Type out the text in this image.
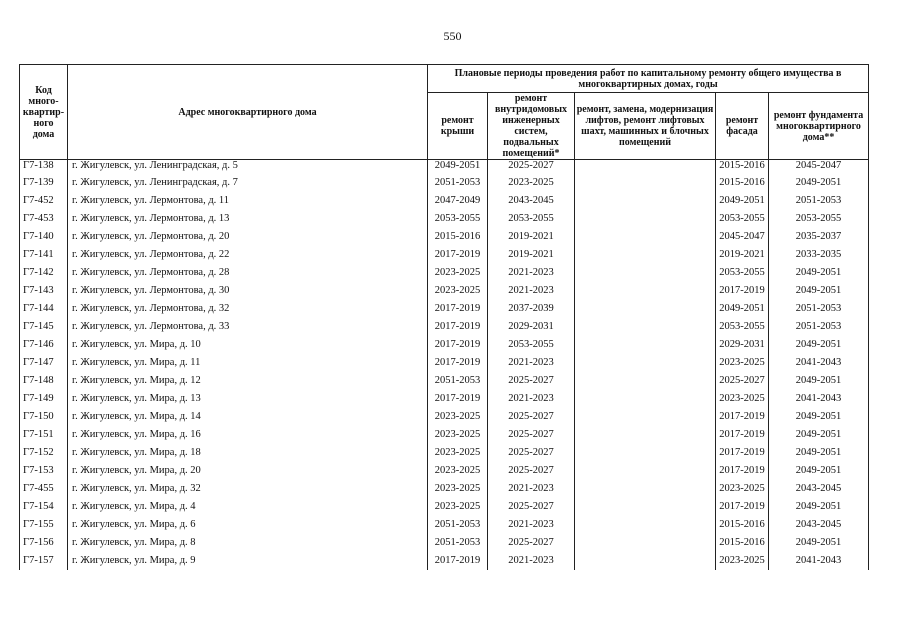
550
Код
много-
квартир-
ного
дома	Адрес многоквартирного дома	Плановые периоды проведения работ по капитальному ремонту общего имущества в многоквартирных домах, годы				
		ремонт крыши	ремонт внутридомовых инженерных систем, подвальных помещений*	ремонт, замена, модернизация лифтов, ремонт лифтовых шахт, машинных и блочных помещений	ремонт фасада	ремонт фундамента многоквартирного дома**
Г7-138	г. Жигулевск, ул. Ленинградская, д. 5	2049-2051	2025-2027		2015-2016	2045-2047
Г7-139	г. Жигулевск, ул. Ленинградская, д. 7	2051-2053	2023-2025		2015-2016	2049-2051
Г7-452	г. Жигулевск, ул. Лермонтова, д. 11	2047-2049	2043-2045		2049-2051	2051-2053
Г7-453	г. Жигулевск, ул. Лермонтова, д. 13	2053-2055	2053-2055		2053-2055	2053-2055
Г7-140	г. Жигулевск, ул. Лермонтова, д. 20	2015-2016	2019-2021		2045-2047	2035-2037
Г7-141	г. Жигулевск, ул. Лермонтова, д. 22	2017-2019	2019-2021		2019-2021	2033-2035
Г7-142	г. Жигулевск, ул. Лермонтова, д. 28	2023-2025	2021-2023		2053-2055	2049-2051
Г7-143	г. Жигулевск, ул. Лермонтова, д. 30	2023-2025	2021-2023		2017-2019	2049-2051
Г7-144	г. Жигулевск, ул. Лермонтова, д. 32	2017-2019	2037-2039		2049-2051	2051-2053
Г7-145	г. Жигулевск, ул. Лермонтова, д. 33	2017-2019	2029-2031		2053-2055	2051-2053
Г7-146	г. Жигулевск, ул. Мира, д. 10	2017-2019	2053-2055		2029-2031	2049-2051
Г7-147	г. Жигулевск, ул. Мира, д. 11	2017-2019	2021-2023		2023-2025	2041-2043
Г7-148	г. Жигулевск, ул. Мира, д. 12	2051-2053	2025-2027		2025-2027	2049-2051
Г7-149	г. Жигулевск, ул. Мира, д. 13	2017-2019	2021-2023		2023-2025	2041-2043
Г7-150	г. Жигулевск, ул. Мира, д. 14	2023-2025	2025-2027		2017-2019	2049-2051
Г7-151	г. Жигулевск, ул. Мира, д. 16	2023-2025	2025-2027		2017-2019	2049-2051
Г7-152	г. Жигулевск, ул. Мира, д. 18	2023-2025	2025-2027		2017-2019	2049-2051
Г7-153	г. Жигулевск, ул. Мира, д. 20	2023-2025	2025-2027		2017-2019	2049-2051
Г7-455	г. Жигулевск, ул. Мира, д. 32	2023-2025	2021-2023		2023-2025	2043-2045
Г7-154	г. Жигулевск, ул. Мира, д. 4	2023-2025	2025-2027		2017-2019	2049-2051
Г7-155	г. Жигулевск, ул. Мира, д. 6	2051-2053	2021-2023		2015-2016	2043-2045
Г7-156	г. Жигулевск, ул. Мира, д. 8	2051-2053	2025-2027		2015-2016	2049-2051
Г7-157	г. Жигулевск, ул. Мира, д. 9	2017-2019	2021-2023		2023-2025	2041-2043
